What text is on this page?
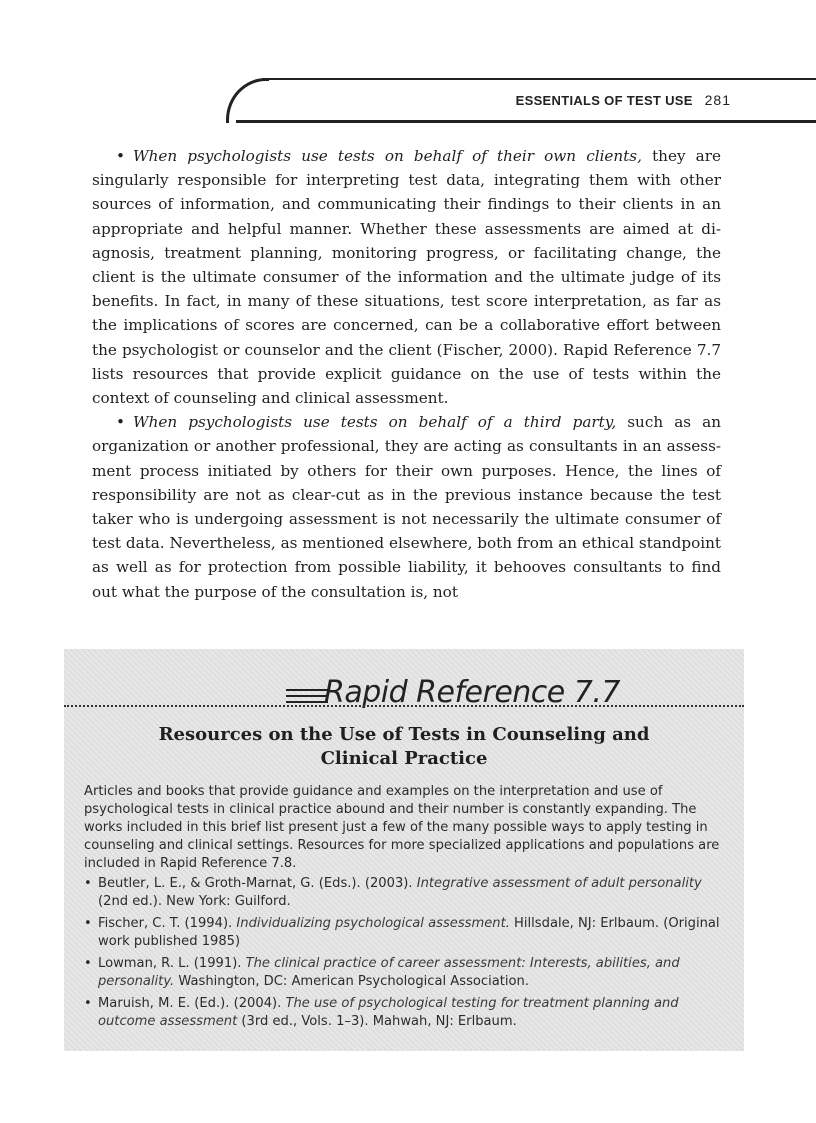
ESSENTIALS OF TEST USE 281

• When psychologists use tests on behalf of their own clients, they are singularly responsible for interpreting test data, integrating them with other sources of information, and communicating their findings to their clients in an appropriate and helpful manner. Whether these assessments are aimed at diagnosis, treatment planning, monitoring progress, or facilitating change, the client is the ultimate consumer of the information and the ultimate judge of its benefits. In fact, in many of these situations, test score interpretation, as far as the implications of scores are concerned, can be a collaborative effort between the psychologist or counselor and the client (Fischer, 2000). Rapid Reference 7.7 lists resources that provide explicit guidance on the use of tests within the context of counseling and clinical assessment.

• When psychologists use tests on behalf of a third party, such as an organization or another professional, they are acting as consultants in an assessment process initiated by others for their own purposes. Hence, the lines of responsibility are not as clear-cut as in the previous instance because the test taker who is undergoing assessment is not necessarily the ultimate consumer of test data. Nevertheless, as mentioned elsewhere, both from an ethical standpoint as well as for protection from possible liability, it behooves consultants to find out what the purpose of the consultation is, not

Rapid Reference 7.7
Resources on the Use of Tests in Counseling and
Clinical Practice
Articles and books that provide guidance and examples on the interpretation and use of psychological tests in clinical practice abound and their number is constantly expanding. The works included in this brief list present just a few of the many possible ways to apply testing in counseling and clinical settings. Resources for more specialized applications and populations are included in Rapid Reference 7.8.
• Beutler, L. E., & Groth-Marnat, G. (Eds.). (2003). Integrative assessment of adult personality (2nd ed.). New York: Guilford.
• Fischer, C. T. (1994). Individualizing psychological assessment. Hillsdale, NJ: Erlbaum. (Original work published 1985)
• Lowman, R. L. (1991). The clinical practice of career assessment: Interests, abilities, and personality. Washington, DC: American Psychological Association.
• Maruish, M. E. (Ed.). (2004). The use of psychological testing for treatment planning and outcome assessment (3rd ed., Vols. 1–3). Mahwah, NJ: Erlbaum.
